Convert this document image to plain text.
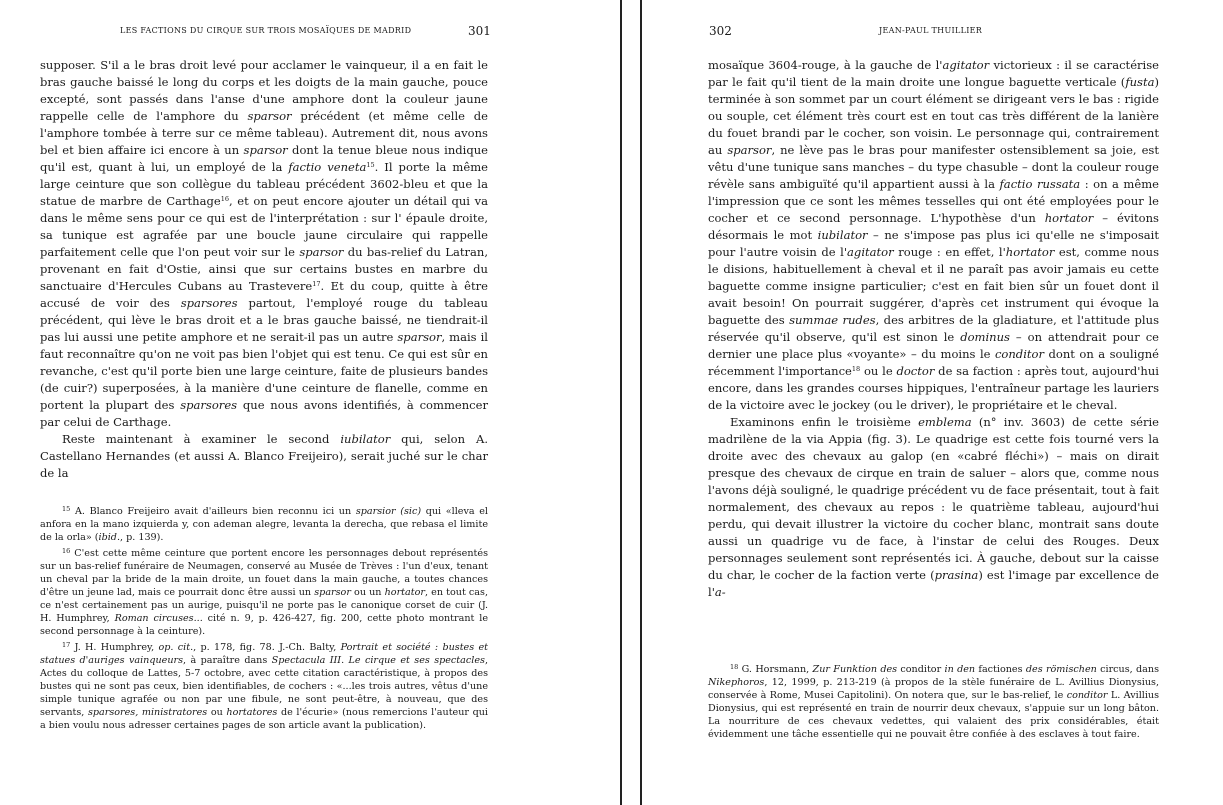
LES FACTIONS DU CIRQUE SUR TROIS MOSAÏQUES DE MADRID	301

supposer. S'il a le bras droit levé pour acclamer le vainqueur, il a en fait le bras gauche baissé le long du corps et les doigts de la main gauche, pouce excepté, sont passés dans l'anse d'une amphore dont la couleur jaune rappelle celle de l'amphore du sparsor précédent (et même celle de l'amphore tombée à terre sur ce même tableau). Autrement dit, nous avons bel et bien affaire ici encore à un sparsor dont la tenue bleue nous indique qu'il est, quant à lui, un employé de la factio veneta$^{15}$. Il porte la même large ceinture que son collègue du tableau précédent 3602-bleu et que la statue de marbre de Carthage$^{16}$, et on peut encore ajouter un détail qui va dans le même sens pour ce qui est de l'interprétation : sur l' épaule droite, sa tunique est agrafée par une boucle jaune circulaire qui rappelle parfaitement celle que l'on peut voir sur le sparsor du bas-relief du Latran, provenant en fait d'Ostie, ainsi que sur certains bustes en marbre du sanctuaire d'Hercules Cubans au Trastevere$^{17}$. Et du coup, quitte à être accusé de voir des sparsores partout, l'employé rouge du tableau précédent, qui lève le bras droit et a le bras gauche baissé, ne tiendrait-il pas lui aussi une petite amphore et ne serait-il pas un autre sparsor, mais il faut reconnaître qu'on ne voit pas bien l'objet qui est tenu. Ce qui est sûr en revanche, c'est qu'il porte bien une large ceinture, faite de plusieurs bandes (de cuir?) superposées, à la manière d'une ceinture de flanelle, comme en portent la plupart des sparsores que nous avons identifiés, à commencer par celui de Carthage.

Reste maintenant à examiner le second iubilator qui, selon A. Castellano Hernandes (et aussi A. Blanco Freijeiro), serait juché sur le char de la

$^{15}$ A. Blanco Freijeiro avait d'ailleurs bien reconnu ici un sparsior (sic) qui «lleva el anfora en la mano izquierda y, con ademan alegre, levanta la derecha, que rebasa el limite de la orla» (ibid., p. 139).

$^{16}$ C'est cette même ceinture que portent encore les personnages debout représentés sur un bas-relief funéraire de Neumagen, conservé au Musée de Trèves : l'un d'eux, tenant un cheval par la bride de la main droite, un fouet dans la main gauche, a toutes chances d'être un jeune lad, mais ce pourrait donc être aussi un sparsor ou un hortator, en tout cas, ce n'est certainement pas un aurige, puisqu'il ne porte pas le canonique corset de cuir (J. H. Humphrey, Roman circuses... cité n. 9, p. 426-427, fig. 200, cette photo montrant le second personnage à la ceinture).

$^{17}$ J. H. Humphrey, op. cit., p. 178, fig. 78. J.-Ch. Balty, Portrait et société : bustes et statues d'auriges vainqueurs, à paraître dans Spectacula III. Le cirque et ses spectacles, Actes du colloque de Lattes, 5-7 octobre, avec cette citation caractéristique, à propos des bustes qui ne sont pas ceux, bien identifiables, de cochers : «...les trois autres, vêtus d'une simple tunique agrafée ou non par une fibule, ne sont peut-être, à nouveau, que des servants, sparsores, ministratores ou hortatores de l'écurie» (nous remercions l'auteur qui a bien voulu nous adresser certaines pages de son article avant la publication).

302	JEAN-PAUL THUILLIER

mosaïque 3604-rouge, à la gauche de l'agitator victorieux : il se caractérise par le fait qu'il tient de la main droite une longue baguette verticale (fusta) terminée à son sommet par un court élément se dirigeant vers le bas : rigide ou souple, cet élément très court est en tout cas très différent de la lanière du fouet brandi par le cocher, son voisin. Le personnage qui, contrairement au sparsor, ne lève pas le bras pour manifester ostensiblement sa joie, est vêtu d'une tunique sans manches – du type chasuble – dont la couleur rouge révèle sans ambiguïté qu'il appartient aussi à la factio russata : on a même l'impression que ce sont les mêmes tesselles qui ont été employées pour le cocher et ce second personnage. L'hypothèse d'un hortator – évitons désormais le mot iubilator – ne s'impose pas plus ici qu'elle ne s'imposait pour l'autre voisin de l'agitator rouge : en effet, l'hortator est, comme nous le disions, habituellement à cheval et il ne paraît pas avoir jamais eu cette baguette comme insigne particulier; c'est en fait bien sûr un fouet dont il avait besoin! On pourrait suggérer, d'après cet instrument qui évoque la baguette des summae rudes, des arbitres de la gladiature, et l'attitude plus réservée qu'il observe, qu'il est sinon le dominus – on attendrait pour ce dernier une place plus «voyante» – du moins le conditor dont on a souligné récemment l'importance$^{18}$ ou le doctor de sa faction : après tout, aujourd'hui encore, dans les grandes courses hippiques, l'entraîneur partage les lauriers de la victoire avec le jockey (ou le driver), le propriétaire et le cheval.

Examinons enfin le troisième emblema (n° inv. 3603) de cette série madrilène de la via Appia (fig. 3). Le quadrige est cette fois tourné vers la droite avec des chevaux au galop (en «cabré fléchi») – mais on dirait presque des chevaux de cirque en train de saluer – alors que, comme nous l'avons déjà souligné, le quadrige précédent vu de face présentait, tout à fait normalement, des chevaux au repos : le quatrième tableau, aujourd'hui perdu, qui devait illustrer la victoire du cocher blanc, montrait sans doute aussi un quadrige vu de face, à l'instar de celui des Rouges. Deux personnages seulement sont représentés ici. À gauche, debout sur la caisse du char, le cocher de la faction verte (prasina) est l'image par excellence de l'a-

$^{18}$ G. Horsmann, Zur Funktion des conditor in den factiones des römischen circus, dans Nikephoros, 12, 1999, p. 213-219 (à propos de la stèle funéraire de L. Avillius Dionysius, conservée à Rome, Musei Capitolini). On notera que, sur le bas-relief, le conditor L. Avillius Dionysius, qui est représenté en train de nourrir deux chevaux, s'appuie sur un long bâton. La nourriture de ces chevaux vedettes, qui valaient des prix considérables, était évidemment une tâche essentielle qui ne pouvait être confiée à des esclaves à tout faire.
